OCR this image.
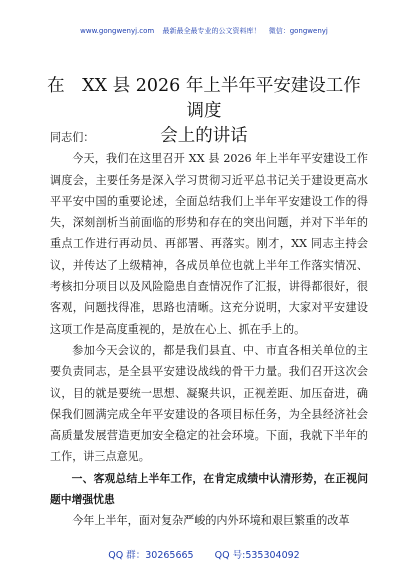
www.gongwenyj.com 最新最全最专业的公文资料库！ 微信：gongwenyj
在　XX 县 2026 年上半年平安建设工作调度
会上的讲话

同志们：

今天，我们在这里召开 XX 县 2026 年上半年平安建设工作调度会，主要任务是深入学习贯彻习近平总书记关于建设更高水平平安中国的重要论述，全面总结我们上半年平安建设工作的得失，深刻剖析当前面临的形势和存在的突出问题，并对下半年的重点工作进行再动员、再部署、再落实。刚才，XX 同志主持会议，并传达了上级精神，各成员单位也就上半年工作落实情况、考核扣分项目以及风险隐患自查情况作了汇报，讲得都很好，很客观，问题找得准，思路也清晰。这充分说明，大家对平安建设这项工作是高度重视的，是放在心上、抓在手上的。

参加今天会议的，都是我们县直、中、市直各相关单位的主要负责同志，是全县平安建设战线的骨干力量。我们召开这次会议，目的就是要统一思想、凝聚共识，正视差距、加压奋进，确保我们圆满完成全年平安建设的各项目标任务，为全县经济社会高质量发展营造更加安全稳定的社会环境。下面，我就下半年的工作，讲三点意见。

一、客观总结上半年工作，在肯定成绩中认清形势，在正视问题中增强忧患

今年上半年，面对复杂严峻的内外环境和艰巨繁重的改革

QQ 群：30265665 QQ 号:535304092
